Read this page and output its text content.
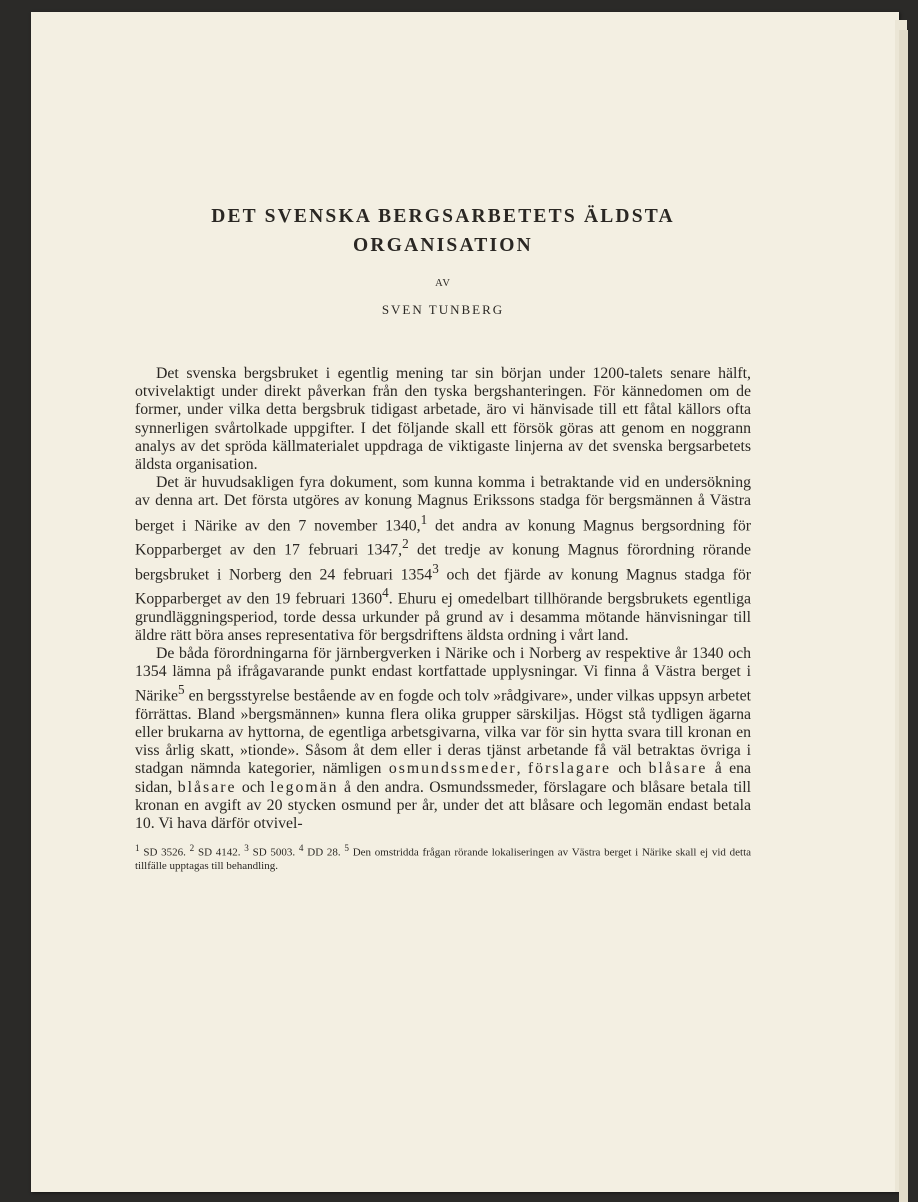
DET SVENSKA BERGSARBETETS ÄLDSTA
ORGANISATION
AV
SVEN TUNBERG

Det svenska bergsbruket i egentlig mening tar sin början under 1200-talets senare hälft, otvivelaktigt under direkt påverkan från den tyska bergshanteringen. För kännedomen om de former, under vilka detta bergsbruk tidigast arbetade, äro vi hänvisade till ett fåtal källors ofta synnerligen svårtolkade uppgifter. I det följande skall ett försök göras att genom en noggrann analys av det spröda källmaterialet uppdraga de viktigaste linjerna av det svenska bergsarbetets äldsta organisation.

Det är huvudsakligen fyra dokument, som kunna komma i betraktande vid en undersökning av denna art. Det första utgöres av konung Magnus Erikssons stadga för bergsmännen å Västra berget i Närike av den 7 november 1340,$^1$ det andra av konung Magnus bergsordning för Kopparberget av den 17 februari 1347,$^2$ det tredje av konung Magnus förordning rörande bergsbruket i Norberg den 24 februari 1354$^3$ och det fjärde av konung Magnus stadga för Kopparberget av den 19 februari 1360$^4$. Ehuru ej omedelbart tillhörande bergsbrukets egentliga grundläggningsperiod, torde dessa urkunder på grund av i desamma mötande hänvisningar till äldre rätt böra anses representativa för bergsdriftens äldsta ordning i vårt land.

De båda förordningarna för järnbergverken i Närike och i Norberg av respektive år 1340 och 1354 lämna på ifrågavarande punkt endast kortfattade upplysningar. Vi finna å Västra berget i Närike$^5$ en bergsstyrelse bestående av en fogde och tolv »rådgivare», under vilkas uppsyn arbetet förrättas. Bland »bergsmännen» kunna flera olika grupper särskiljas. Högst stå tydligen ägarna eller brukarna av hyttorna, de egentliga arbetsgivarna, vilka var för sin hytta svara till kronan en viss årlig skatt, »tionde». Såsom åt dem eller i deras tjänst arbetande få väl betraktas övriga i stadgan nämnda kategorier, nämligen osmundssmeder, förslagare och blåsare å ena sidan, blåsare och legomän å den andra. Osmundssmeder, förslagare och blåsare betala till kronan en avgift av 20 stycken osmund per år, under det att blåsare och legomän endast betala 10. Vi hava därför otvivel-

$^1$ SD 3526. $^2$ SD 4142. $^3$ SD 5003. $^4$ DD 28. $^5$ Den omstridda frågan rörande lokaliseringen av Västra berget i Närike skall ej vid detta tillfälle upptagas till behandling.
